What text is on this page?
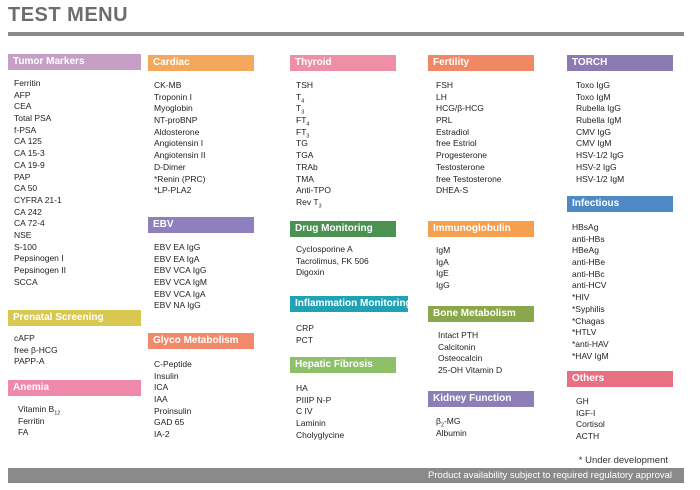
TEST MENU
Tumor Markers
Ferritin
AFP
CEA
Total PSA
f-PSA
CA 125
CA 15-3
CA 19-9
PAP
CA 50
CYFRA 21-1
CA 242
CA 72-4
NSE
S-100
Pepsinogen I
Pepsinogen II
SCCA
Prenatal Screening
cAFP
free β-HCG
PAPP-A
Anemia
Vitamin $B_{12}$
Ferritin
FA
Cardiac
CK-MB
Troponin I
Myoglobin
NT-proBNP
Aldosterone
Angiotensin I
Angiotensin II
D-Dimer
*Renin (PRC)
*LP-PLA2
EBV
EBV EA IgG
EBV EA IgA
EBV VCA IgG
EBV VCA IgM
EBV VCA IgA
EBV NA IgG
Glyco Metabolism
C-Peptide
Insulin
ICA
IAA
Proinsulin
GAD 65
IA-2
Thyroid
TSH
$T_4$
$T_3$
$FT_4$
$FT_3$
TG
TGA
TRAb
TMA
Anti-TPO
Rev $T_3$
Drug Monitoring
Cyclosporine A
Tacrolimus, FK 506
Digoxin
Inflammation Monitoring
CRP
PCT
Hepatic Fibrosis
HA
PIIIP N-P
C IV
Laminin
Cholyglycine
Fertility
FSH
LH
HCG/β-HCG
PRL
Estradiol
free Estriol
Progesterone
Testosterone
free Testosterone
DHEA-S
Immunoglobulin
IgM
IgA
IgE
IgG
Bone Metabolism
Intact PTH
Calcitonin
Osteocalcin
25-OH Vitamin D
Kidney Function
$\beta_2-MG$
Albumin
TORCH
Toxo IgG
Toxo IgM
Rubella IgG
Rubella IgM
CMV IgG
CMV IgM
HSV-1/2 IgG
HSV-2 IgG
HSV-1/2 IgM
Infectious
HBsAg
anti-HBs
HBeAg
anti-HBe
anti-HBc
anti-HCV
*HIV
*Syphilis
*Chagas
*HTLV
*anti-HAV
*HAV IgM
Others
GH
IGF-I
Cortisol
ACTH
* Under development
Product availability subject to required regulatory approval
